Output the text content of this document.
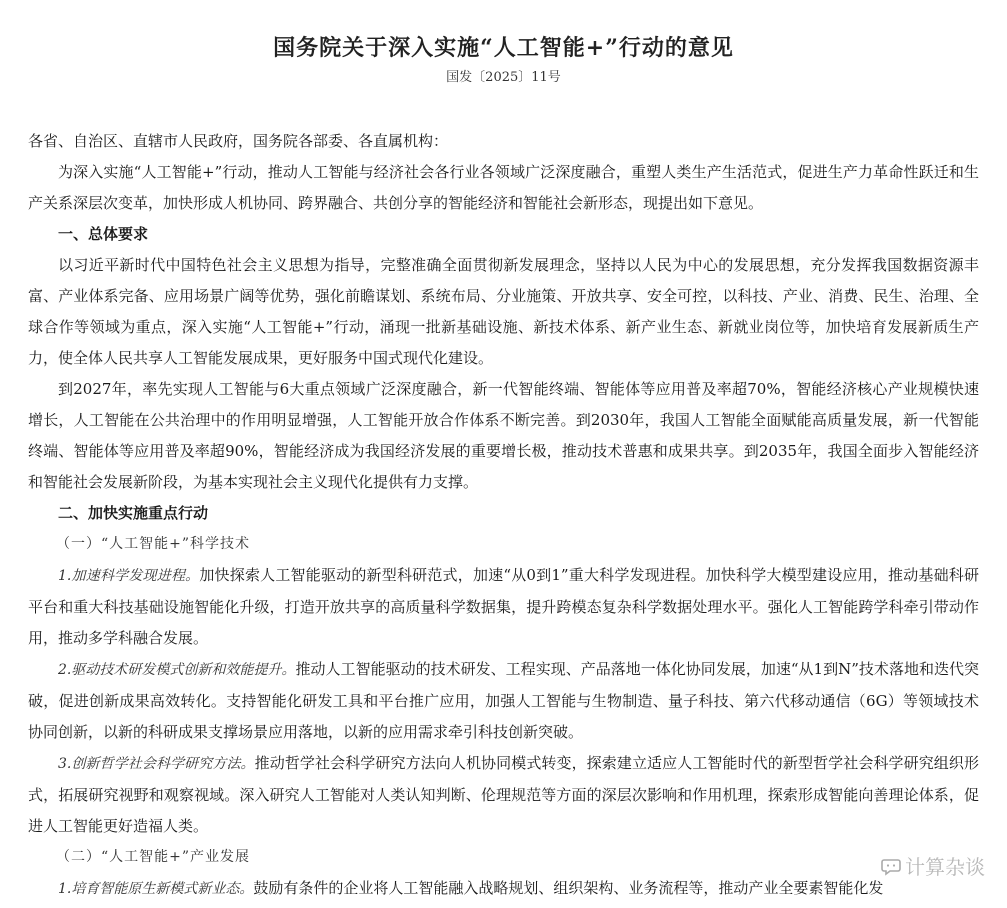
国务院关于深入实施“人工智能+”行动的意见
国发〔2025〕11号

各省、自治区、直辖市人民政府，国务院各部委、各直属机构：

为深入实施“人工智能+”行动，推动人工智能与经济社会各行业各领域广泛深度融合，重塑人类生产生活范式，促进生产力革命性跃迁和生产关系深层次变革，加快形成人机协同、跨界融合、共创分享的智能经济和智能社会新形态，现提出如下意见。

一、总体要求

以习近平新时代中国特色社会主义思想为指导，完整准确全面贯彻新发展理念，坚持以人民为中心的发展思想，充分发挥我国数据资源丰富、产业体系完备、应用场景广阔等优势，强化前瞻谋划、系统布局、分业施策、开放共享、安全可控，以科技、产业、消费、民生、治理、全球合作等领域为重点，深入实施“人工智能+”行动，涌现一批新基础设施、新技术体系、新产业生态、新就业岗位等，加快培育发展新质生产力，使全体人民共享人工智能发展成果，更好服务中国式现代化建设。

到2027年，率先实现人工智能与6大重点领域广泛深度融合，新一代智能终端、智能体等应用普及率超70%，智能经济核心产业规模快速增长，人工智能在公共治理中的作用明显增强，人工智能开放合作体系不断完善。到2030年，我国人工智能全面赋能高质量发展，新一代智能终端、智能体等应用普及率超90%，智能经济成为我国经济发展的重要增长极，推动技术普惠和成果共享。到2035年，我国全面步入智能经济和智能社会发展新阶段，为基本实现社会主义现代化提供有力支撑。

二、加快实施重点行动

（一）“人工智能+”科学技术

1.加速科学发现进程。加快探索人工智能驱动的新型科研范式，加速“从0到1”重大科学发现进程。加快科学大模型建设应用，推动基础科研平台和重大科技基础设施智能化升级，打造开放共享的高质量科学数据集，提升跨模态复杂科学数据处理水平。强化人工智能跨学科牵引带动作用，推动多学科融合发展。

2.驱动技术研发模式创新和效能提升。推动人工智能驱动的技术研发、工程实现、产品落地一体化协同发展，加速“从1到N”技术落地和迭代突破，促进创新成果高效转化。支持智能化研发工具和平台推广应用，加强人工智能与生物制造、量子科技、第六代移动通信（6G）等领域技术协同创新，以新的科研成果支撑场景应用落地，以新的应用需求牵引科技创新突破。

3.创新哲学社会科学研究方法。推动哲学社会科学研究方法向人机协同模式转变，探索建立适应人工智能时代的新型哲学社会科学研究组织形式，拓展研究视野和观察视域。深入研究人工智能对人类认知判断、伦理规范等方面的深层次影响和作用机理，探索形成智能向善理论体系，促进人工智能更好造福人类。

（二）“人工智能+”产业发展

1.培育智能原生新模式新业态。鼓励有条件的企业将人工智能融入战略规划、组织架构、业务流程等，推动产业全要素智能化发

计算杂谈
